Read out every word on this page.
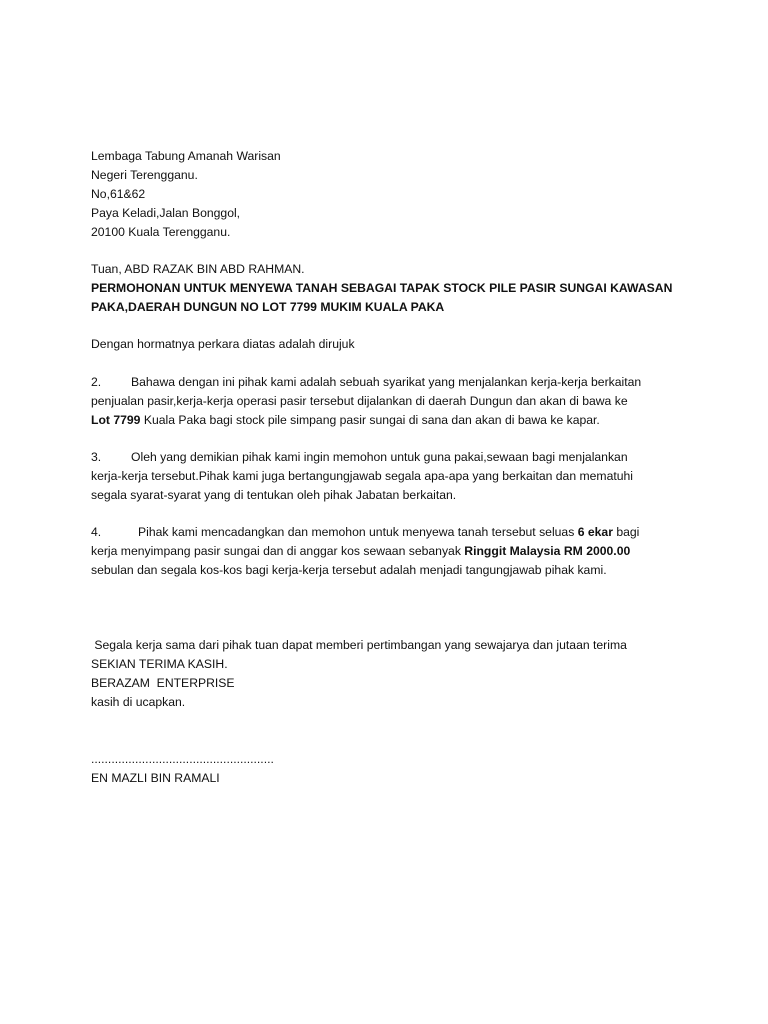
Lembaga Tabung Amanah Warisan
Negeri Terengganu.
No,61&62
Paya Keladi,Jalan Bonggol,
20100 Kuala Terengganu.
Tuan, ABD RAZAK BIN ABD RAHMAN.
PERMOHONAN UNTUK MENYEWA TANAH SEBAGAI TAPAK STOCK PILE PASIR SUNGAI KAWASAN
PAKA,DAERAH DUNGUN NO LOT 7799 MUKIM KUALA PAKA
Dengan hormatnya perkara diatas adalah dirujuk
2. Bahawa dengan ini pihak kami adalah sebuah syarikat yang menjalankan kerja-kerja berkaitan
penjualan pasir,kerja-kerja operasi pasir tersebut dijalankan di daerah Dungun dan akan di bawa ke
Lot 7799 Kuala Paka bagi stock pile simpang pasir sungai di sana dan akan di bawa ke kapar.
3. Oleh yang demikian pihak kami ingin memohon untuk guna pakai,sewaan bagi menjalankan
kerja-kerja tersebut.Pihak kami juga bertangungjawab segala apa-apa yang berkaitan dan mematuhi
segala syarat-syarat yang di tentukan oleh pihak Jabatan berkaitan.
4.	Pihak kami mencadangkan dan memohon untuk menyewa tanah tersebut seluas 6 ekar bagi
kerja menyimpang pasir sungai dan di anggar kos sewaan sebanyak Ringgit Malaysia RM 2000.00
sebulan dan segala kos-kos bagi kerja-kerja tersebut adalah menjadi tangungjawab pihak kami.

Segala kerja sama dari pihak tuan dapat memberi pertimbangan yang sewajarya dan jutaan terima

kasih di ucapkan.

SEKIAN TERIMA KASIH.
BERAZAM  ENTERPRISE
......................................................
EN MAZLI BIN RAMALI
